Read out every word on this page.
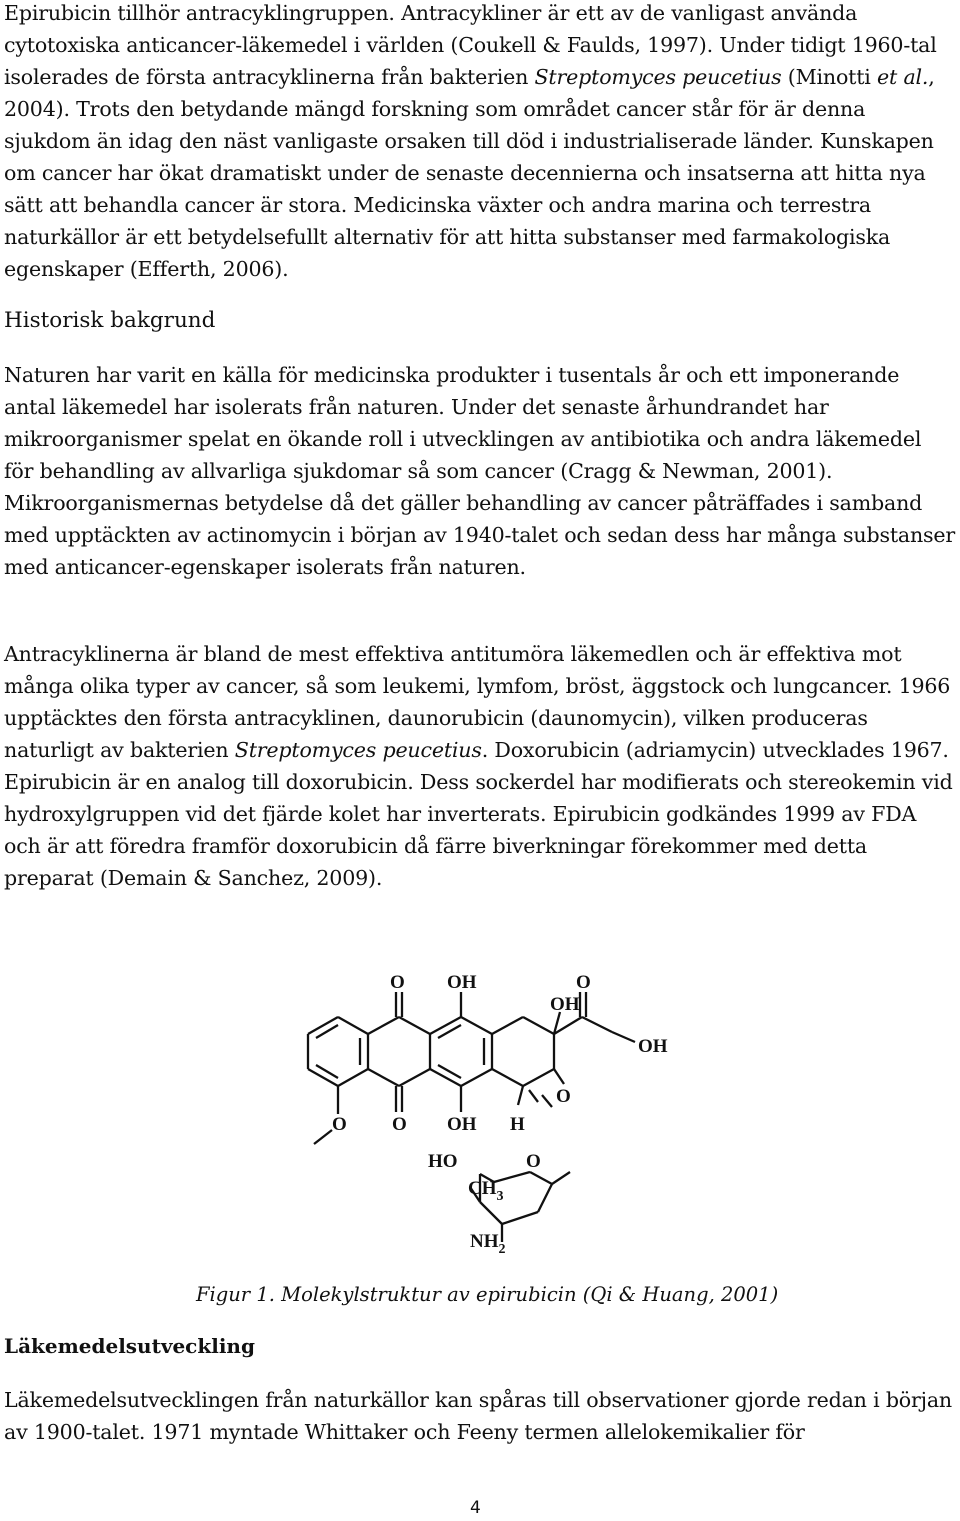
Epirubicin tillhör antracyklingruppen. Antracykliner är ett av de vanligast använda cytotoxiska anticancer-läkemedel i världen (Coukell & Faulds, 1997). Under tidigt 1960-tal isolerades de första antracyklinerna från bakterien Streptomyces peucetius (Minotti et al., 2004). Trots den betydande mängd forskning som området cancer står för är denna sjukdom än idag den näst vanligaste orsaken till död i industrialiserade länder. Kunskapen om cancer har ökat dramatiskt under de senaste decennierna och insatserna att hitta nya sätt att behandla cancer är stora. Medicinska växter och andra marina och terrestra naturkällor är ett betydelsefullt alternativ för att hitta substanser med farmakologiska egenskaper (Efferth, 2006).

Historisk bakgrund

Naturen har varit en källa för medicinska produkter i tusentals år och ett imponerande antal läkemedel har isolerats från naturen. Under det senaste århundrandet har mikroorganismer spelat en ökande roll i utvecklingen av antibiotika och andra läkemedel för behandling av allvarliga sjukdomar så som cancer (Cragg & Newman, 2001). Mikroorganismernas betydelse då det gäller behandling av cancer påträffades i samband med upptäckten av actinomycin i början av 1940-talet och sedan dess har många substanser med anticancer-egenskaper isolerats från naturen.

Antracyklinerna är bland de mest effektiva antitumöra läkemedlen och är effektiva mot många olika typer av cancer, så som leukemi, lymfom, bröst, äggstock och lungcancer. 1966 upptäcktes den första antracyklinen, daunorubicin (daunomycin), vilken produceras naturligt av bakterien Streptomyces peucetius. Doxorubicin (adriamycin) utvecklades 1967. Epirubicin är en analog till doxorubicin. Dess sockerdel har modifierats och stereokemin vid hydroxylgruppen vid det fjärde kolet har inverterats. Epirubicin godkändes 1999 av FDA och är att föredra framför doxorubicin då färre biverkningar förekommer med detta preparat (Demain & Sanchez, 2009).

O OH	O
OH
OH
O O OH H
O
HO	O
$CH_3$
$NH_2$

Figur 1. Molekylstruktur av epirubicin (Qi & Huang, 2001)

Läkemedelsutveckling

Läkemedelsutvecklingen från naturkällor kan spåras till observationer gjorde redan i början av 1900-talet. 1971 myntade Whittaker och Feeny termen allelokemikalier för

4
